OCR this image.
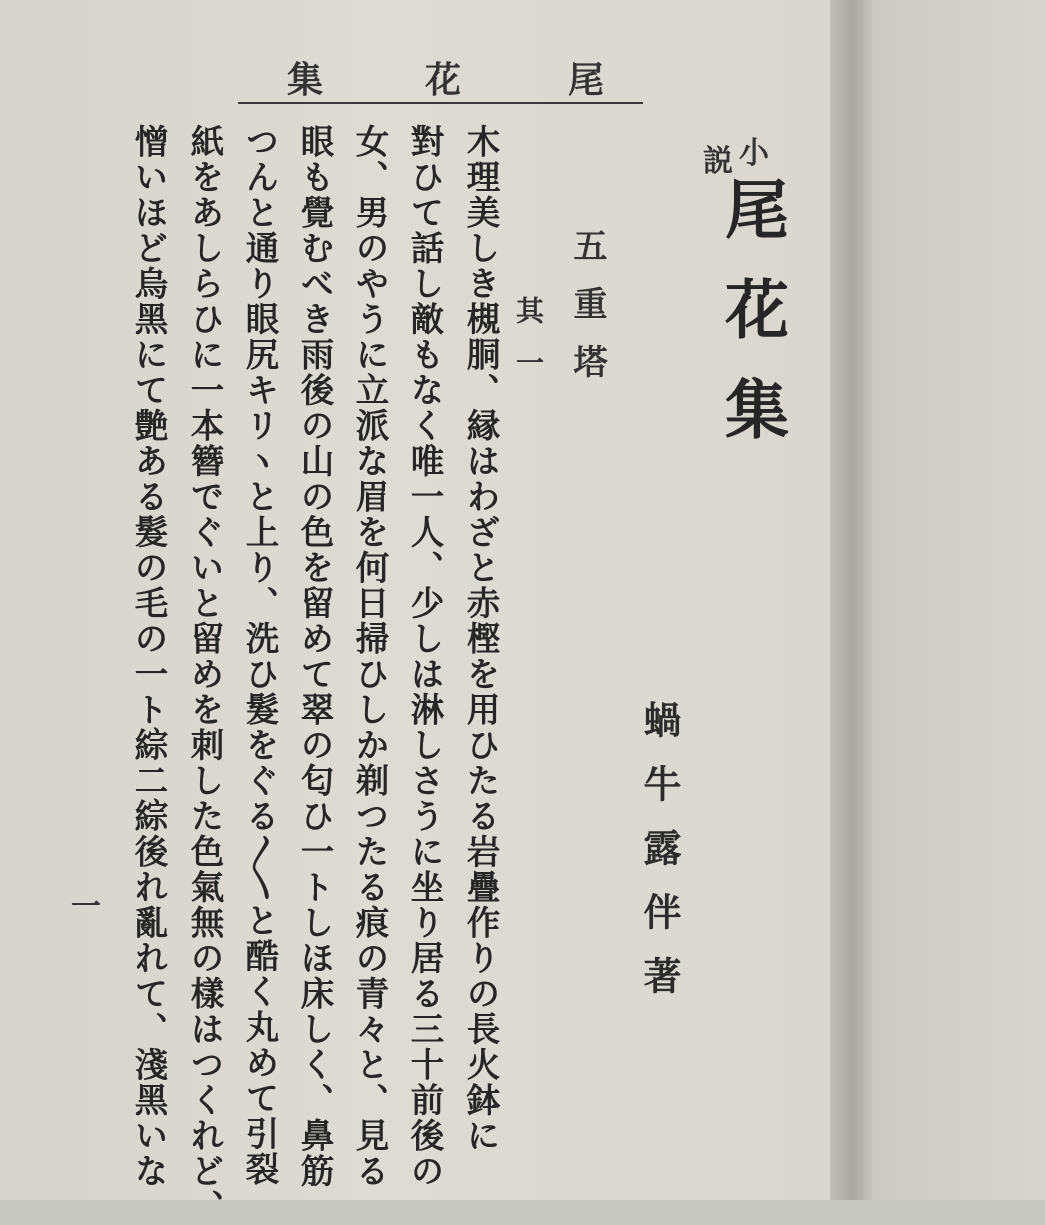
尾
花
集
小
説
尾花集
蝸牛露伴著
五重塔
其一
木理美しき槻胴、縁はわざと赤樫を用ひたる岩疊作りの長火鉢に
對ひて話し敵もなく唯一人、少しは淋しさうに坐り居る三十前後の
女、男のやうに立派な眉を何日掃ひしか剃つたる痕の青々と、見る
眼も覺むべき雨後の山の色を留めて翠の匂ひ一トしほ床しく、鼻筋
つんと通り眼尻キリヽと上り、洗ひ髮をぐる〳〵と酷く丸めて引裂
紙をあしらひに一本簪でぐいと留めを刺した色氣無の樣はつくれど、
憎いほど烏黑にて艶ある髮の毛の一ト綜二綜後れ亂れて、淺黑いな
一
